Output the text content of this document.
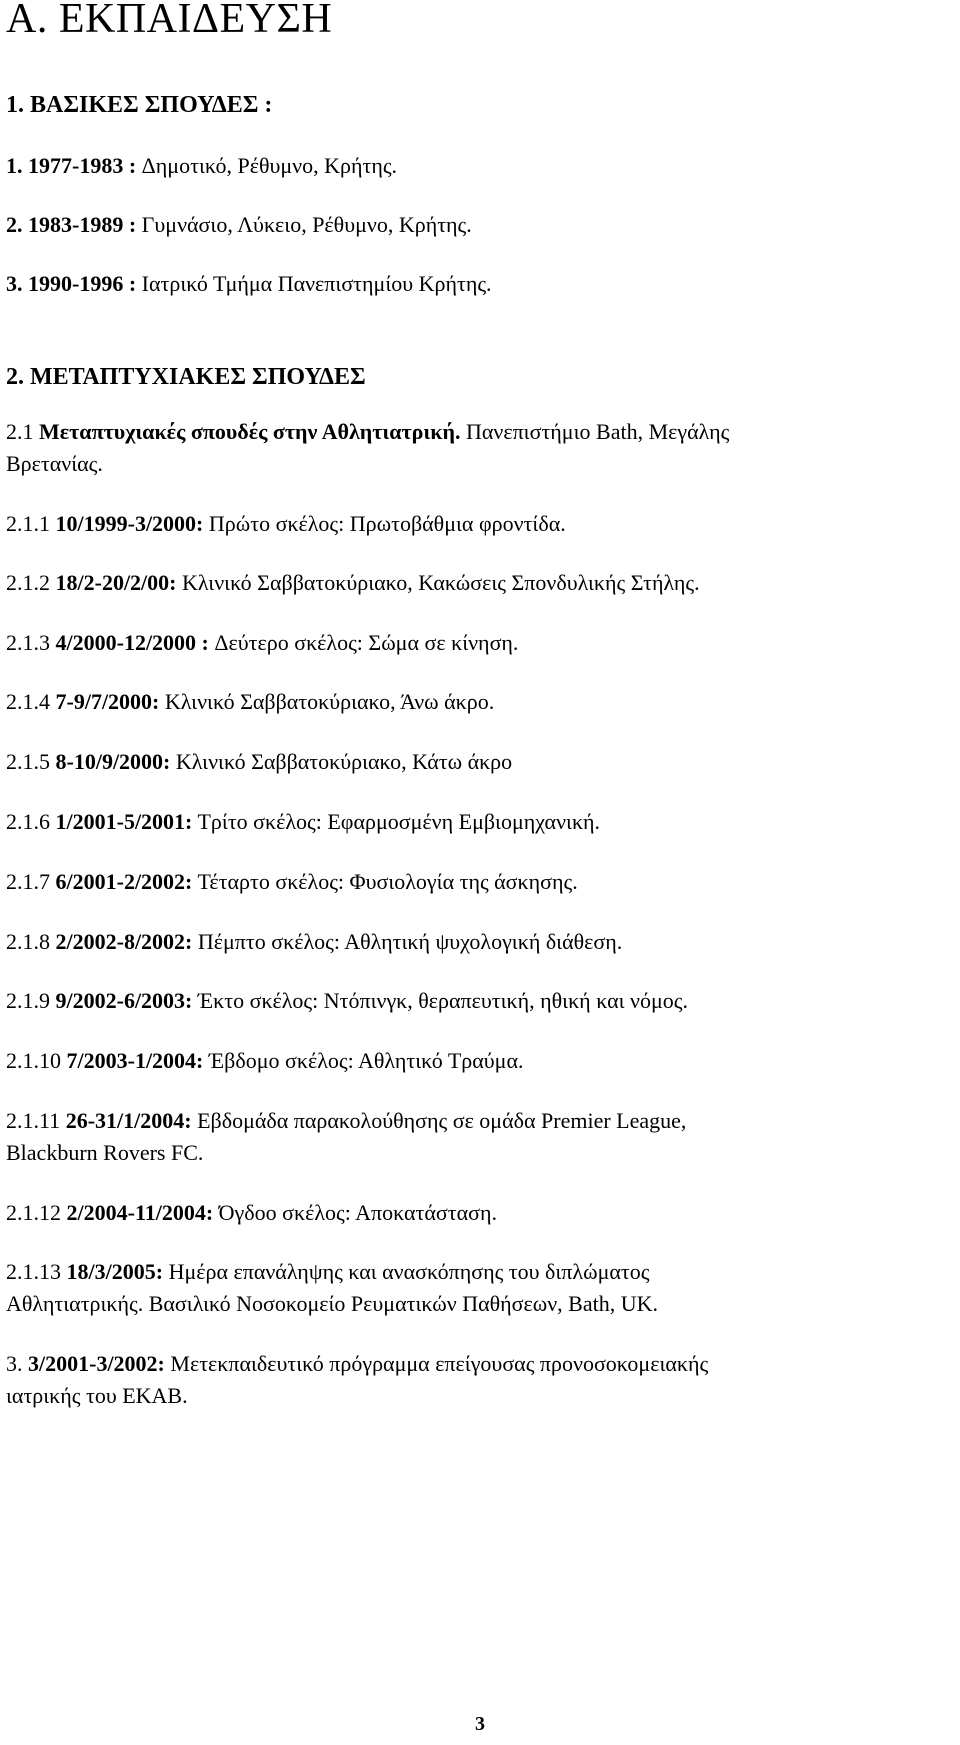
A. ΕΚΠΑΙΔΕΥΣΗ
1. ΒΑΣΙΚΕΣ ΣΠΟΥΔΕΣ :

1. 1977-1983 : Δημοτικό, Ρέθυμνο, Κρήτης.

2. 1983-1989 : Γυμνάσιο, Λύκειο, Ρέθυμνο, Κρήτης.

3. 1990-1996 : Ιατρικό Τμήμα Πανεπιστημίου Κρήτης.

2. ΜΕΤΑΠΤΥΧΙΑΚΕΣ ΣΠΟΥΔΕΣ

2.1 Μεταπτυχιακές σπουδές στην Αθλητιατρική. Πανεπιστήμιο Bath, Μεγάλης

Βρετανίας.

2.1.1 10/1999-3/2000: Πρώτο σκέλος: Πρωτοβάθμια φροντίδα.

2.1.2 18/2-20/2/00: Κλινικό Σαββατοκύριακο, Κακώσεις Σπονδυλικής Στήλης.

2.1.3 4/2000-12/2000 : Δεύτερο σκέλος: Σώμα σε κίνηση.

2.1.4 7-9/7/2000: Κλινικό Σαββατοκύριακο, Άνω άκρο.

2.1.5 8-10/9/2000: Κλινικό Σαββατοκύριακο, Κάτω άκρο

2.1.6 1/2001-5/2001: Τρίτο σκέλος: Εφαρμοσμένη Εμβιομηχανική.

2.1.7 6/2001-2/2002: Τέταρτο σκέλος: Φυσιολογία της άσκησης.

2.1.8 2/2002-8/2002: Πέμπτο σκέλος: Αθλητική ψυχολογική διάθεση.

2.1.9 9/2002-6/2003: Έκτο σκέλος: Ντόπινγκ, θεραπευτική, ηθική και νόμος.

2.1.10 7/2003-1/2004: Έβδομο σκέλος: Αθλητικό Τραύμα.

2.1.11 26-31/1/2004: Εβδομάδα παρακολούθησης σε ομάδα Premier League,

Blackburn Rovers FC.

2.1.12 2/2004-11/2004: Όγδοο σκέλος: Αποκατάσταση.

2.1.13 18/3/2005: Ημέρα επανάληψης και ανασκόπησης του διπλώματος

Αθλητιατρικής. Βασιλικό Νοσοκομείο Ρευματικών Παθήσεων, Bath, UK.

3. 3/2001-3/2002: Μετεκπαιδευτικό πρόγραμμα επείγουσας προνοσοκομειακής

ιατρικής του ΕΚΑΒ.

3
